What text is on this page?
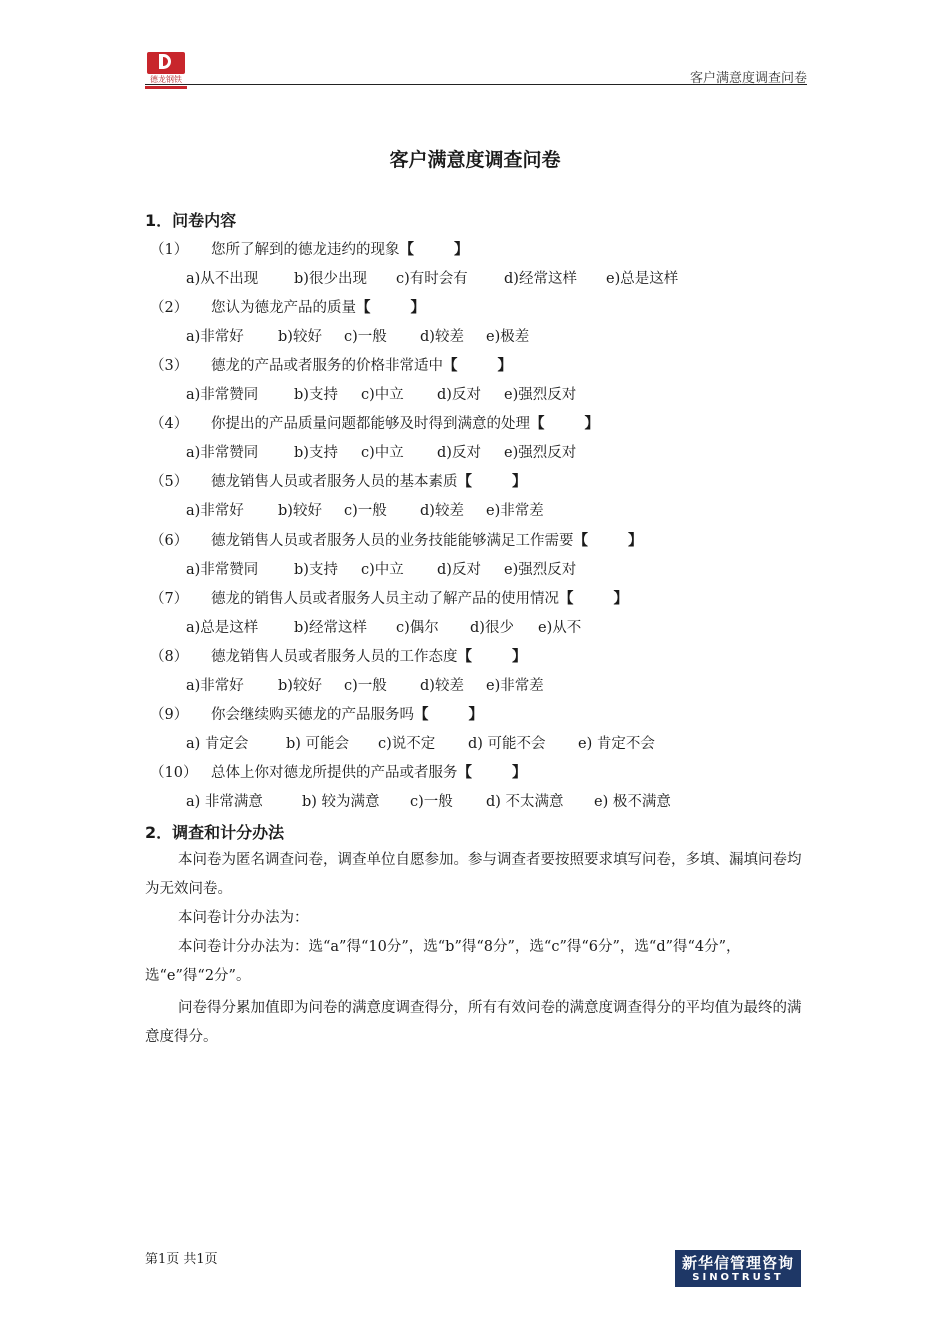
德龙钢铁	客户满意度调查问卷
客户满意度调查问卷
1．问卷内容
（1） 您所了解到的德龙违约的现象【	】
a)从不出现 b)很少出现 c)有时会有 d)经常这样 e)总是这样
（2） 您认为德龙产品的质量【	】
a)非常好 b)较好 c)一般 d)较差 e)极差
（3） 德龙的产品或者服务的价格非常适中【	】
a)非常赞同 b)支持 c)中立 d)反对 e)强烈反对
（4） 你提出的产品质量问题都能够及时得到满意的处理【	】
a)非常赞同 b)支持 c)中立 d)反对 e)强烈反对
（5） 德龙销售人员或者服务人员的基本素质【	】
a)非常好 b)较好 c)一般 d)较差 e)非常差
（6） 德龙销售人员或者服务人员的业务技能能够满足工作需要【	】
a)非常赞同 b)支持 c)中立 d)反对 e)强烈反对
（7） 德龙的销售人员或者服务人员主动了解产品的使用情况【	】
a)总是这样 b)经常这样 c)偶尔 d)很少 e)从不
（8） 德龙销售人员或者服务人员的工作态度【	】
a)非常好 b)较好 c)一般 d)较差 e)非常差
（9） 你会继续购买德龙的产品服务吗【	】
a) 肯定会	b) 可能会 c)说不定 d) 可能不会 e) 肯定不会
（10） 总体上你对德龙所提供的产品或者服务【	】
a) 非常满意	b) 较为满意 c)一般 d) 不太满意 e) 极不满意
2．调查和计分办法
本问卷为匿名调查问卷，调查单位自愿参加。参与调查者要按照要求填写问卷，多填、漏填问卷均为无效问卷。
本问卷计分办法为：
本问卷计分办法为：选“a”得“10分”，选“b”得“8分”，选“c”得“6分”，选“d”得“4分”，选“e”得“2分”。
问卷得分累加值即为问卷的满意度调查得分，所有有效问卷的满意度调查得分的平均值为最终的满意度得分。
第1页 共1页	新华信管理咨询
SINOTRUST
